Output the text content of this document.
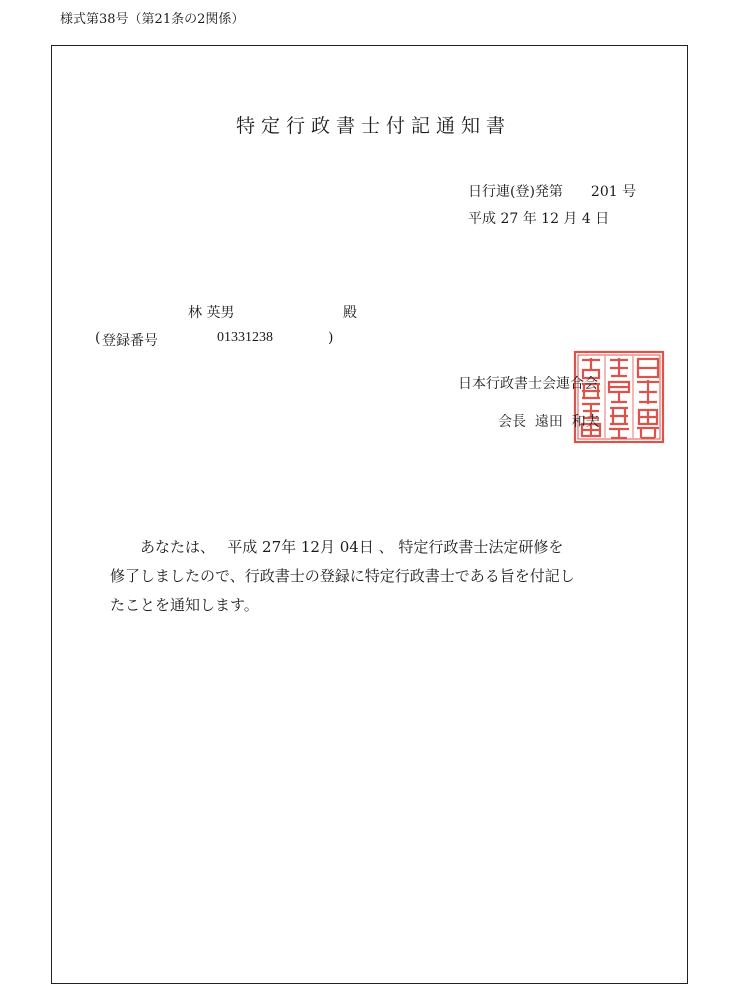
様式第38号（第21条の2関係）
特定行政書士付記通知書
日行連(登)発第　　201 号
平成 27 年 12 月 4 日
林 英男	殿
( 登録番号	01331238	)
日本行政書士会連合会
会長  遠田  和夫
あなたは、　 平成 27年 12月 04日 、 特定行政書士法定研修を
修了しましたので、行政書士の登録に特定行政書士である旨を付記し
たことを通知します。
